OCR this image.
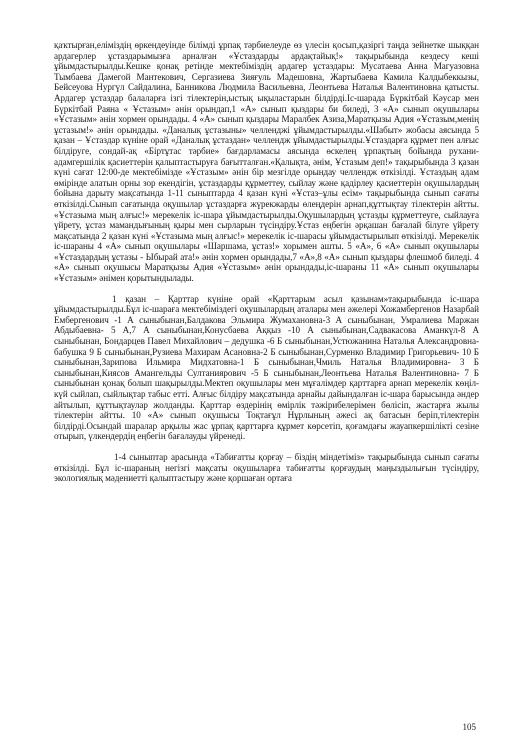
қаҡтырған,еліміздің өркендеуінде білімді ұрпақ тәрбиелеуде өз үлесін қосып,қазіргі таңда зейнетке шыққан ардагерлер ұстаздарымызға арналған «Ұстаздарды ардақтайық!» тақырыбында кездесу кеші ұйымдастырылды.Кешке қонақ ретінде мектебіміздің ардагер ұстаздары: Мусатаева Анна Магуазовна Тымбаева Дамегой Мантекович, Сергазиева Зияғуль Мадешовна, Жартыбаева Камила Калдыбеккызы, Бейсеуова Нургүл Сайдалина, Банникова Людмила Васильевна, Леонтьева Наталья Валентиновна қатысты. Ардагер ұстаздар балаларға ізгі тілектерін,ыстық ықыластарын білдірді.Іс-шарада Бүркітбай Кәусар мен Бүркітбай Раяна « Ұстазым» әнін орындап,1 «А» сынып қыздары би биледі, 3 «А» сынып оқушылары «Ұстазым» әнін хормен орындады. 4 «А» сынып қыздары Маралбек Азиза,Маратқызы Адия «Ұстазым,менің ұстазым!» әнін орындады. «Даналық ұстазыны» челленджі ұйымдастырылды.«Шабыт» жобасы аясында 5 қазан – Ұстаздар күніне орай «Даналық ұстаздан» челлендж ұйымдастырылды.Ұстаздарға құрмет пен алғыс білдіруге, сондай-ақ «Біртұтас тәрбие» бағдарламасы аясында өскелең ұрпақтың бойында рухани-адамгершілік қасиеттерін қалыптастыруға бағытталған.«Қалықта, әнім, Ұстазым деп!» тақырыбында 3 қазан күні сағат 12:00-де мектебімізде «Ұстазым» әнін бір мезгілде орындау челлендж өткізілді. Ұстаздың адам өмірінде алатын орны зор екендігін, ұстаздарды құрметтеу, сыйлау және қадірлеу қасиеттерін оқушылардың бойына дарыту мақсатында 1-11 сыныптарда 4 қазан күні «Ұстаз–ұлы есім» тақырыбында сынып сағаты өткізілді.Сынып сағатында оқушылар ұстаздарға жүрекжарды өлеңдерін арнап,құттықтау тілектерін айтты. «Ұстазыма мың алғыс!» мерекелік іс-шара ұйымдастырылды.Оқушылардың ұстазды құрметтеуге, сыйлауға үйрету, ұстаз мамандығының қыры мен сырларын түсіндіру.Ұстаз еңбегін әрқашан бағалай білуге үйрету мақсатында 2 қазан күні «Ұстазыма мың алғыс!» мерекелік іс-шарасы ұйымдастырылып өткізілді. Мерекелік іс-шараны 4 «А» сынып оқушылары «Шаршама, ұстаз!» хорымен ашты. 5 «А», 6 «А» сынып оқушылары «Ұстаздардың ұстазы - Ыбырай ата!» әнін хормен орындады,7 «А»,8 «А» сынып қыздары флешмоб биледі. 4 «А» сынып оқушысы Маратқызы Адия «Ұстазым» әнін орындады,іс-шараны 11 «А» сынып оқушылары «Ұстазым» әнімен қорытындылады.

1 қазан – Қарттар күніне орай «Қарттарым асыл қазынам»тақырыбында іс-шара ұйымдастырылды.Бұл іс-шараға мектебіміздегі оқушылардың аталары мен әжелері Хожамбергенов Назарбай Ембергенович -1 А сыныбынан,Балдакова Эльмира Жумахановна-3 А сыныбынан, Умралиева Маржан Абдыбаевна- 5 А,7 А сыныбынан,Конусбаева Аққыз -10 А сыныбынан,Садвакасова Аманкүл-8 А сыныбынан, Бондарцев Павел Михайлович – дедушка -6 Б сыныбынан,Устюжанина Наталья Александровна- бабушка 9 Б сыныбынан,Рузиева Махирам Асановна-2 Б сыныбынан,Сурменко Владимир Григорьевич- 10 Б сыныбынан,Зарипова Ильмира Мидхатовна-1 Б сыныбынан,Чмиль Наталья Владимировна- 3 Б сыныбынан,Киясов Амангельды Султаниярович -5 Б сыныбынан,Леонтьева Наталья Валентиновна- 7 Б сыныбынан қонақ болып шақырылды.Мектеп оқушылары мен мұғалімдер қарттарға арнап мерекелік көңіл-күй сыйлап, сыйлықтар табыс етті. Алғыс білдіру мақсатында арнайы дайындалған іс-шара барысында әндер айтылып, құттықтаулар жолданды. Қарттар өздерінің өмірлік тәжірибелерімен бөлісіп, жастарға жылы тілектерін айтты. 10 «А» сынып оқушысы Тоқтағұл Нұрлының әжесі ақ батасын беріп,тілектерін білдірді.Осындай шаралар арқылы жас ұрпақ қарттарға құрмет көрсетіп, қоғамдағы жауапкершілікті сезіне отырып, үлкендердің еңбегін бағалауды үйренеді.

1-4 сыныптар арасында «Табиғатты қорғау – біздің міндетіміз» тақырыбында сынып сағаты өткізілді. Бұл іс-шараның негізгі мақсаты оқушыларға табиғатты қорғаудың маңыздылығын түсіндіру, экологиялық мәдениетті қалыптастыру және қоршаған ортаға

105
